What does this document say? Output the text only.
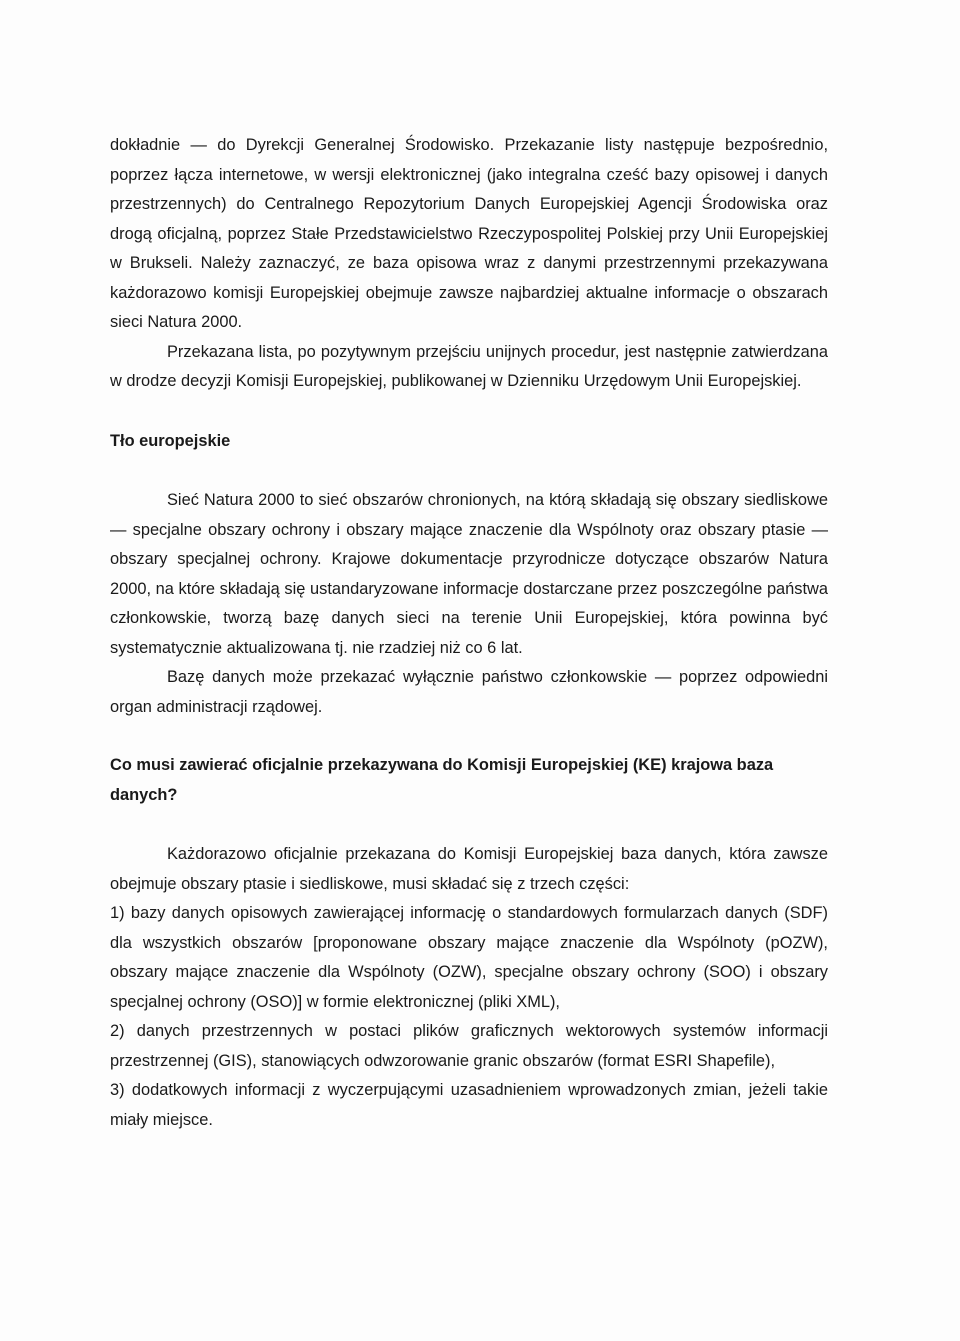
dokładnie — do Dyrekcji Generalnej Środowisko. Przekazanie listy następuje bezpośrednio, poprzez łącza internetowe, w wersji elektronicznej (jako integralna cześć bazy opisowej i danych przestrzennych) do Centralnego Repozytorium Danych Europejskiej Agencji Środowiska oraz drogą oficjalną, poprzez Stałe Przedstawicielstwo Rzeczypospolitej Polskiej przy Unii Europejskiej w Brukseli. Należy zaznaczyć, ze baza opisowa wraz z danymi przestrzennymi przekazywana każdorazowo komisji Europejskiej obejmuje zawsze najbardziej aktualne informacje o obszarach sieci Natura 2000.

Przekazana lista, po pozytywnym przejściu unijnych procedur, jest następnie zatwierdzana w drodze decyzji Komisji Europejskiej, publikowanej w Dzienniku Urzędowym Unii Europejskiej.

Tło europejskie

Sieć Natura 2000 to sieć obszarów chronionych, na którą składają się obszary siedliskowe — specjalne obszary ochrony i obszary mające znaczenie dla Wspólnoty oraz obszary ptasie — obszary specjalnej ochrony. Krajowe dokumentacje przyrodnicze dotyczące obszarów Natura 2000, na które składają się ustandaryzowane informacje dostarczane przez poszczególne państwa członkowskie, tworzą bazę danych sieci na terenie Unii Europejskiej, która powinna być systematycznie aktualizowana tj. nie rzadziej niż co 6 lat.

Bazę danych może przekazać wyłącznie państwo członkowskie — poprzez odpowiedni organ administracji rządowej.

Co musi zawierać oficjalnie przekazywana do Komisji Europejskiej (KE) krajowa baza danych?

Każdorazowo oficjalnie przekazana do Komisji Europejskiej baza danych, która zawsze obejmuje obszary ptasie i siedliskowe, musi składać się z trzech części:

1) bazy danych opisowych zawierającej informację o standardowych formularzach danych (SDF) dla wszystkich obszarów [proponowane obszary mające znaczenie dla Wspólnoty (pOZW), obszary mające znaczenie dla Wspólnoty (OZW), specjalne obszary ochrony (SOO) i obszary specjalnej ochrony (OSO)] w formie elektronicznej (pliki XML),

2) danych przestrzennych w postaci plików graficznych wektorowych systemów informacji przestrzennej (GIS), stanowiących odwzorowanie granic obszarów (format ESRI Shapefile),

3) dodatkowych informacji z wyczerpującymi uzasadnieniem wprowadzonych zmian, jeżeli takie miały miejsce.
